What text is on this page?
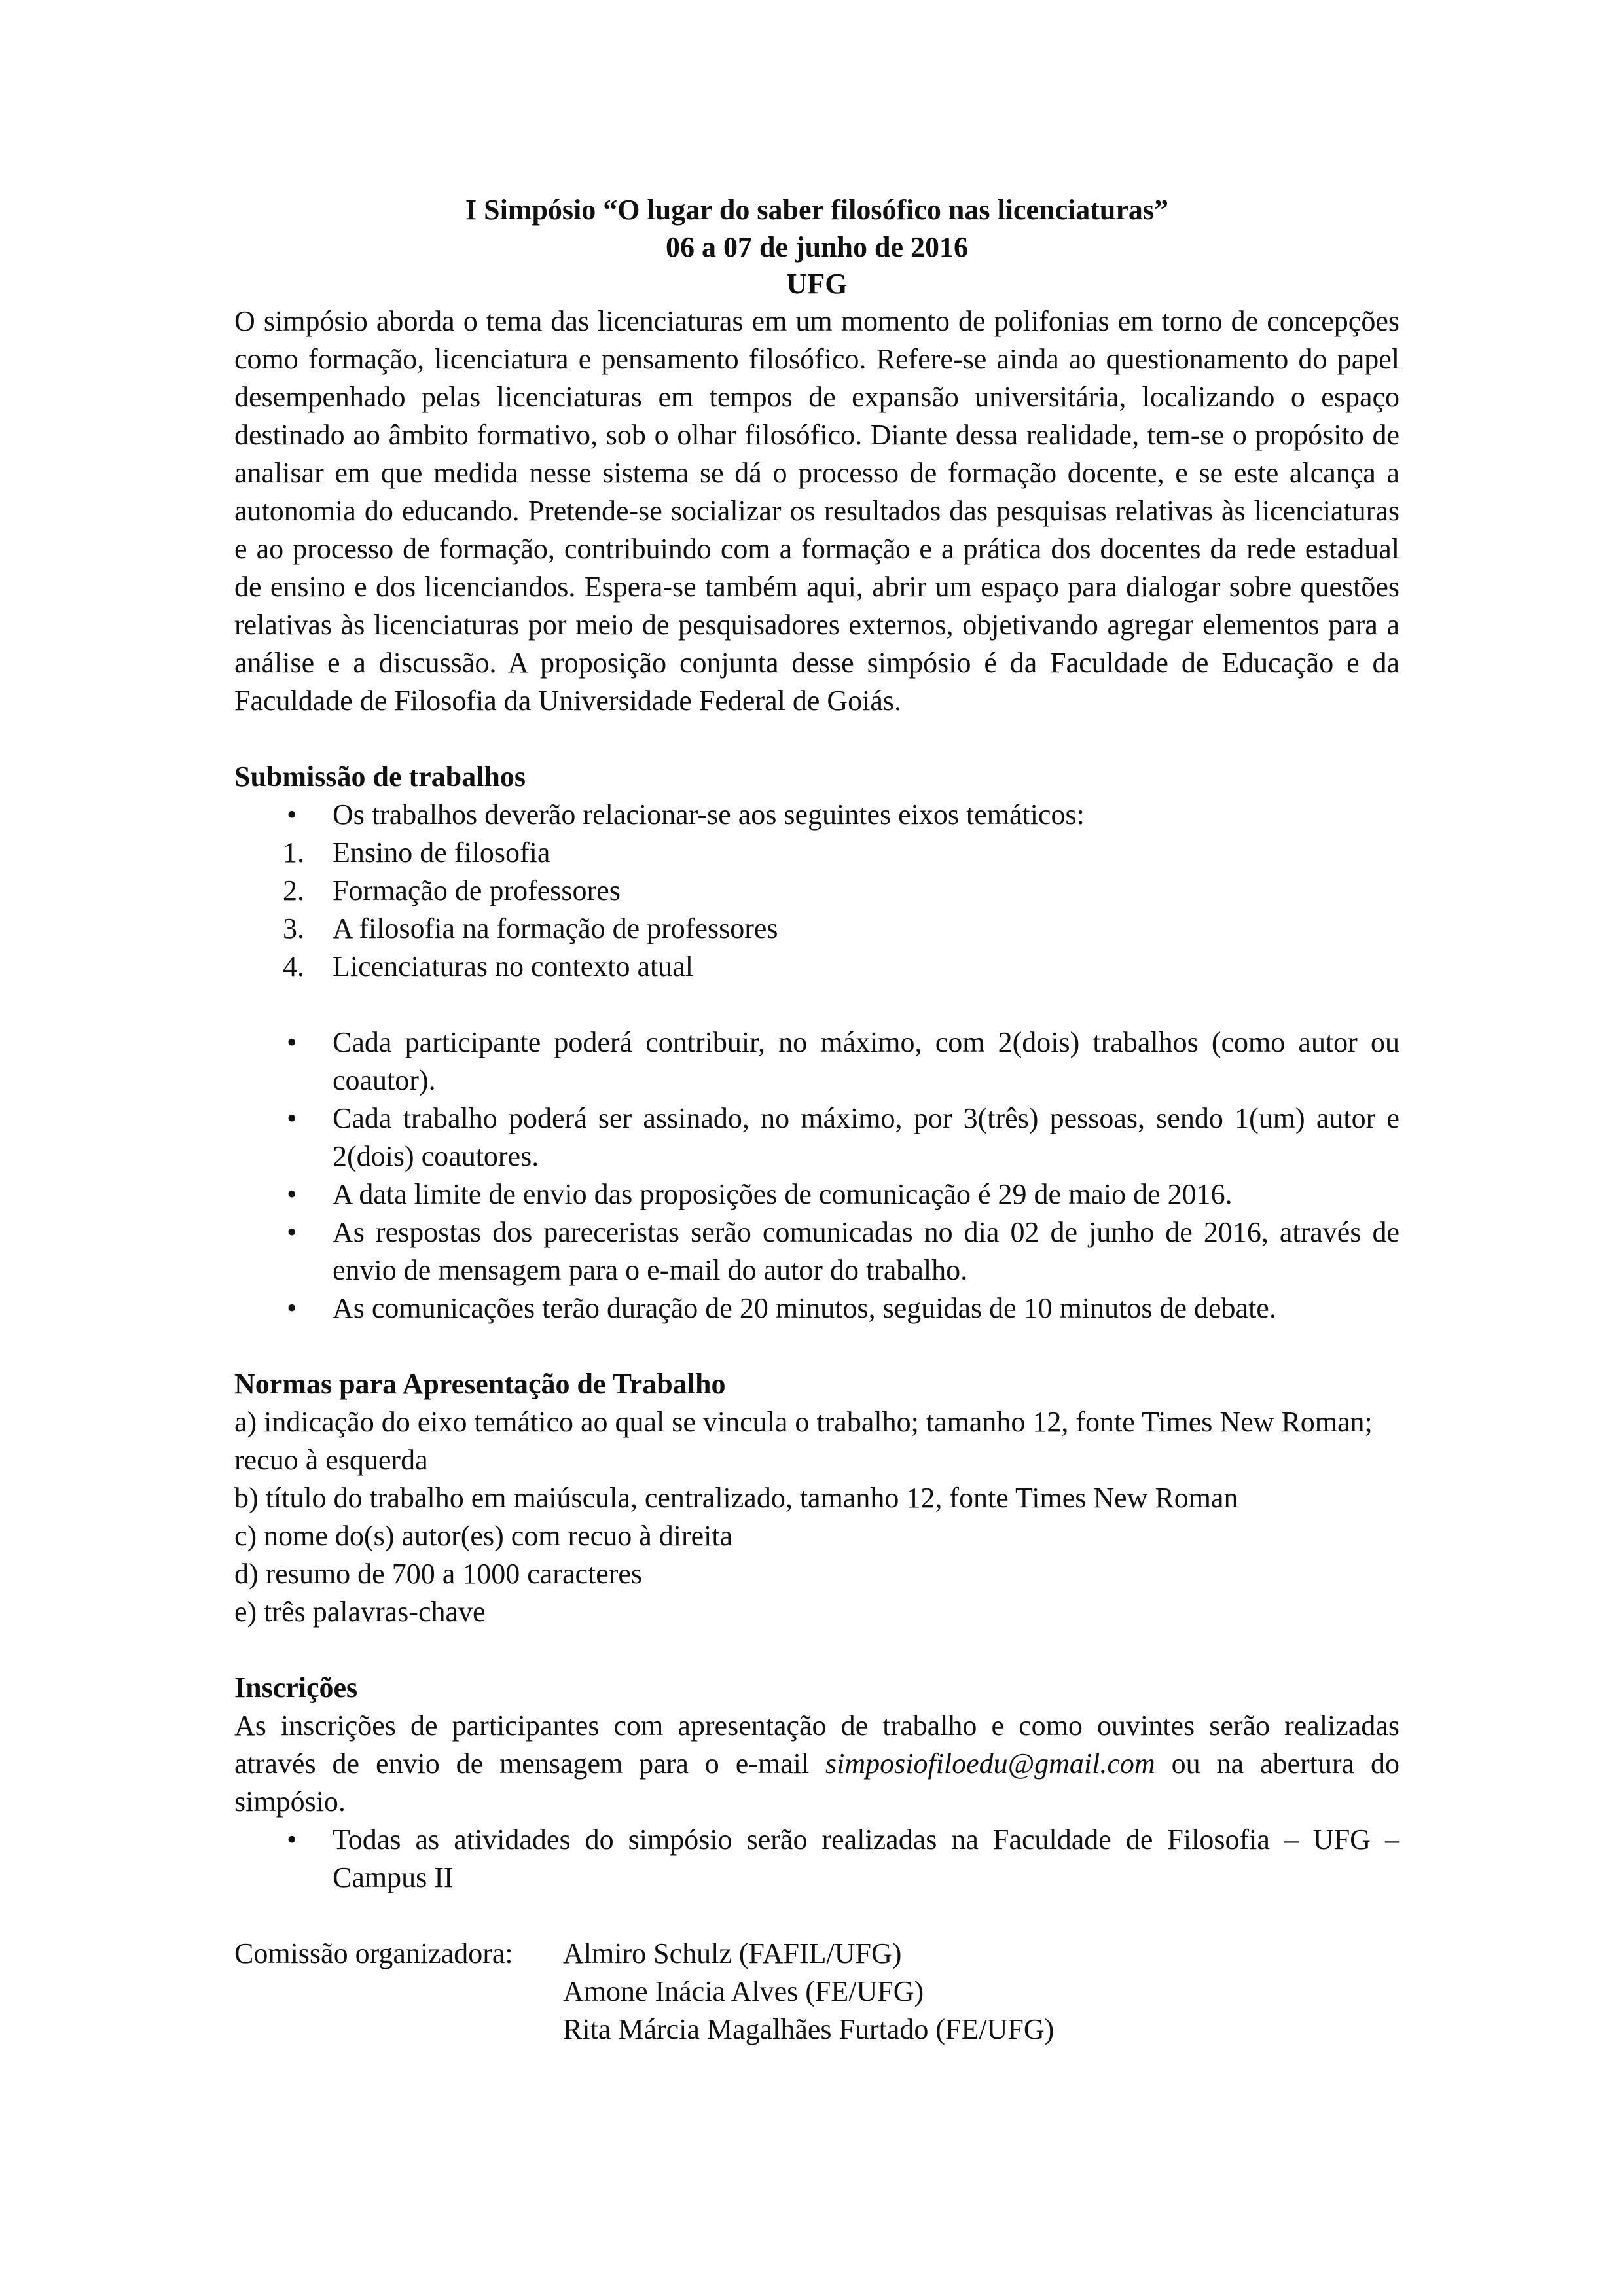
I Simpósio “O lugar do saber filosófico nas licenciaturas”
06 a 07 de junho de 2016
UFG

O simpósio aborda o tema das licenciaturas em um momento de polifonias em torno de concepções como formação, licenciatura e pensamento filosófico. Refere-se ainda ao questionamento do papel desempenhado pelas licenciaturas em tempos de expansão universitária, localizando o espaço destinado ao âmbito formativo, sob o olhar filosófico. Diante dessa realidade, tem-se o propósito de analisar em que medida nesse sistema se dá o processo de formação docente, e se este alcança a autonomia do educando. Pretende-se socializar os resultados das pesquisas relativas às licenciaturas e ao processo de formação, contribuindo com a formação e a prática dos docentes da rede estadual de ensino e dos licenciandos. Espera-se também aqui, abrir um espaço para dialogar sobre questões relativas às licenciaturas por meio de pesquisadores externos, objetivando agregar elementos para a análise e a discussão. A proposição conjunta desse simpósio é da Faculdade de Educação e da Faculdade de Filosofia da Universidade Federal de Goiás.

Submissão de trabalhos
•	Os trabalhos deverão relacionar-se aos seguintes eixos temáticos:
1. Ensino de filosofia
2. Formação de professores
3. A filosofia na formação de professores
4. Licenciaturas no contexto atual
•	Cada participante poderá contribuir, no máximo, com 2(dois) trabalhos (como autor ou coautor).
•	Cada trabalho poderá ser assinado, no máximo, por 3(três) pessoas, sendo 1(um) autor e 2(dois) coautores.
•	A data limite de envio das proposições de comunicação é 29 de maio de 2016.
•	As respostas dos pareceristas serão comunicadas no dia 02 de junho de 2016, através de envio de mensagem para o e-mail do autor do trabalho.
•	As comunicações terão duração de 20 minutos, seguidas de 10 minutos de debate.
Normas para Apresentação de Trabalho
a) indicação do eixo temático ao qual se vincula o trabalho; tamanho 12, fonte Times New Roman; recuo à esquerda
b) título do trabalho em maiúscula, centralizado, tamanho 12, fonte Times New Roman
c) nome do(s) autor(es) com recuo à direita
d) resumo de 700 a 1000 caracteres
e) três palavras-chave
Inscrições

As inscrições de participantes com apresentação de trabalho e como ouvintes serão realizadas através de envio de mensagem para o e-mail simposiofiloedu@gmail.com ou na abertura do simpósio.

•	Todas as atividades do simpósio serão realizadas na Faculdade de Filosofia – UFG – Campus II
Comissão organizadora: Almiro Schulz (FAFIL/UFG)
Amone Inácia Alves (FE/UFG)
Rita Márcia Magalhães Furtado (FE/UFG)
